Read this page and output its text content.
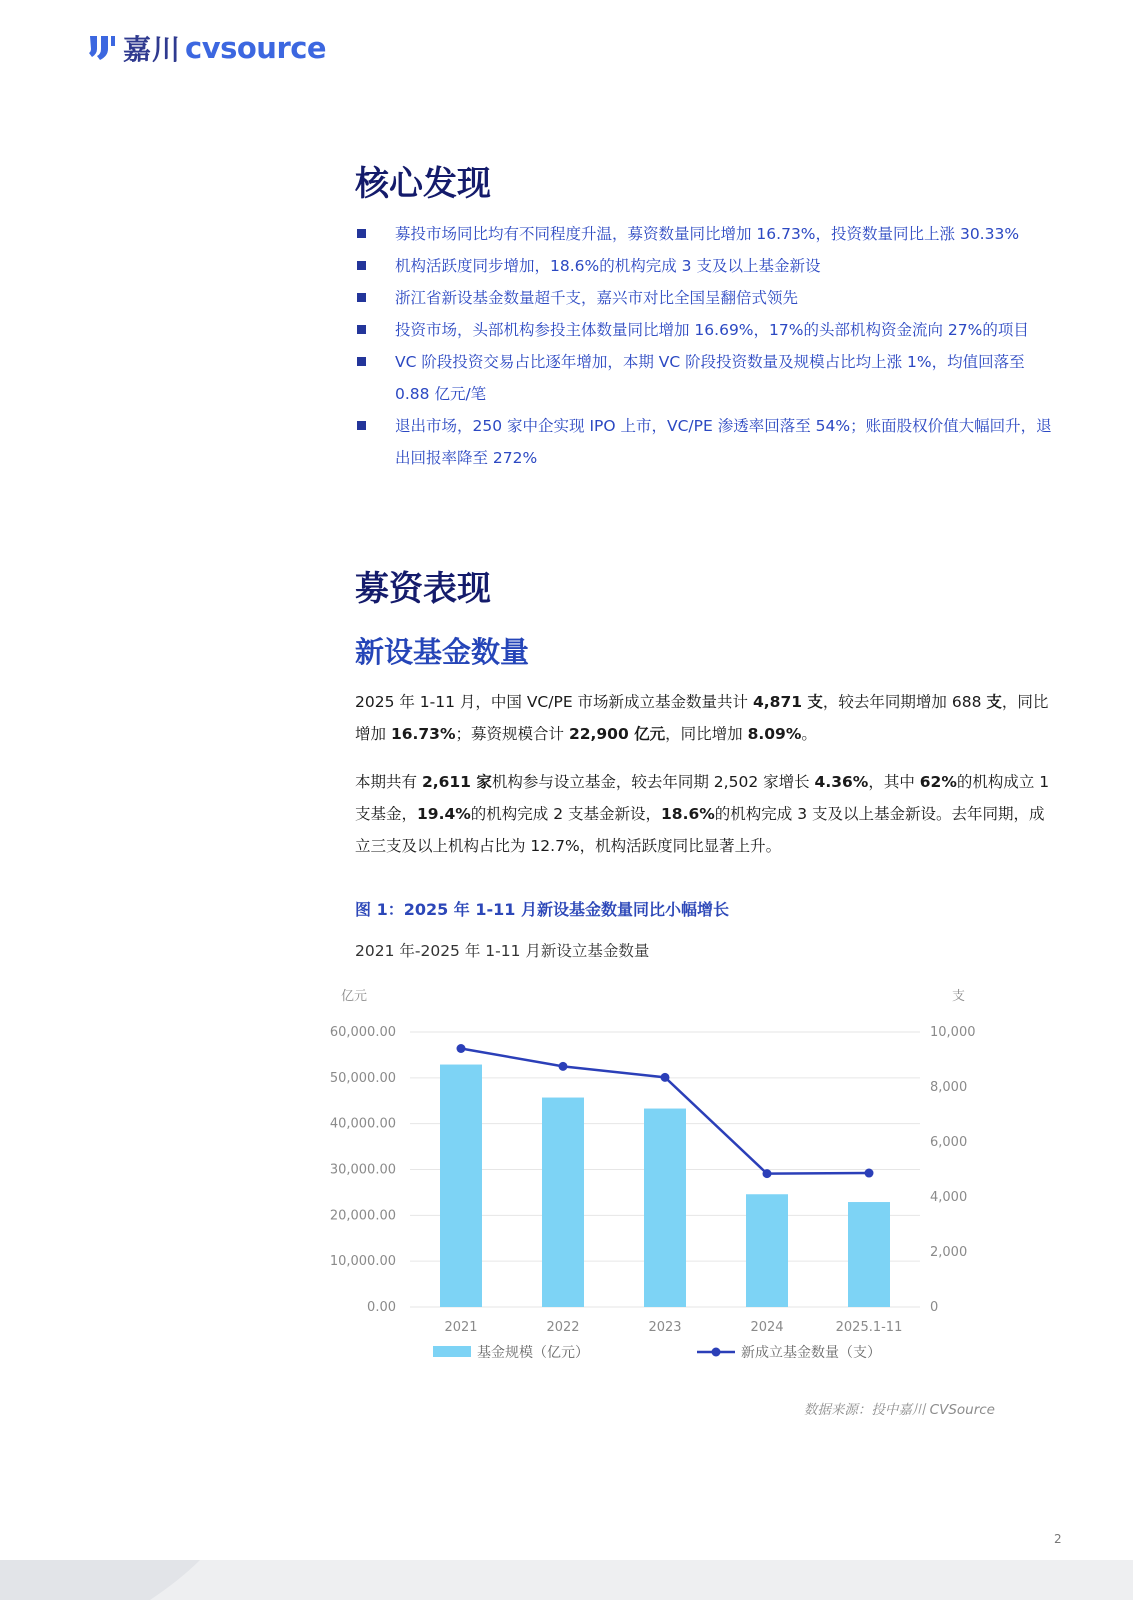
嘉川 cvsource
核心发现
募投市场同比均有不同程度升温，募资数量同比增加 16.73%，投资数量同比上涨 30.33%
机构活跃度同步增加，18.6%的机构完成 3 支及以上基金新设
浙江省新设基金数量超千支，嘉兴市对比全国呈翻倍式领先
投资市场，头部机构参投主体数量同比增加 16.69%，17%的头部机构资金流向 27%的项目
VC 阶段投资交易占比逐年增加，本期 VC 阶段投资数量及规模占比均上涨 1%，均值回落至 0.88 亿元/笔
退出市场，250 家中企实现 IPO 上市，VC/PE 渗透率回落至 54%；账面股权价值大幅回升，退出回报率降至 272%
募资表现
新设基金数量

2025 年 1-11 月，中国 VC/PE 市场新成立基金数量共计 4,871 支，较去年同期增加 688 支，同比增加 16.73%；募资规模合计 22,900 亿元，同比增加 8.09%。

本期共有 2,611 家机构参与设立基金，较去年同期 2,502 家增长 4.36%，其中 62%的机构成立 1 支基金，19.4%的机构完成 2 支基金新设，18.6%的机构完成 3 支及以上基金新设。去年同期，成立三支及以上机构占比为 12.7%，机构活跃度同比显著上升。

图 1：2025 年 1-11 月新设基金数量同比小幅增长
2021 年-2025 年 1-11 月新设立基金数量
60,000.00
50,000.00
40,000.00
30,000.00
20,000.00
10,000.00
0.00
10,000
8,000
6,000
4,000
2,000
0
亿元	支
2021	2022	2023	2024	2025.1-11
基金规模（亿元）	新成立基金数量（支）
数据来源：投中嘉川 CVSource
2
